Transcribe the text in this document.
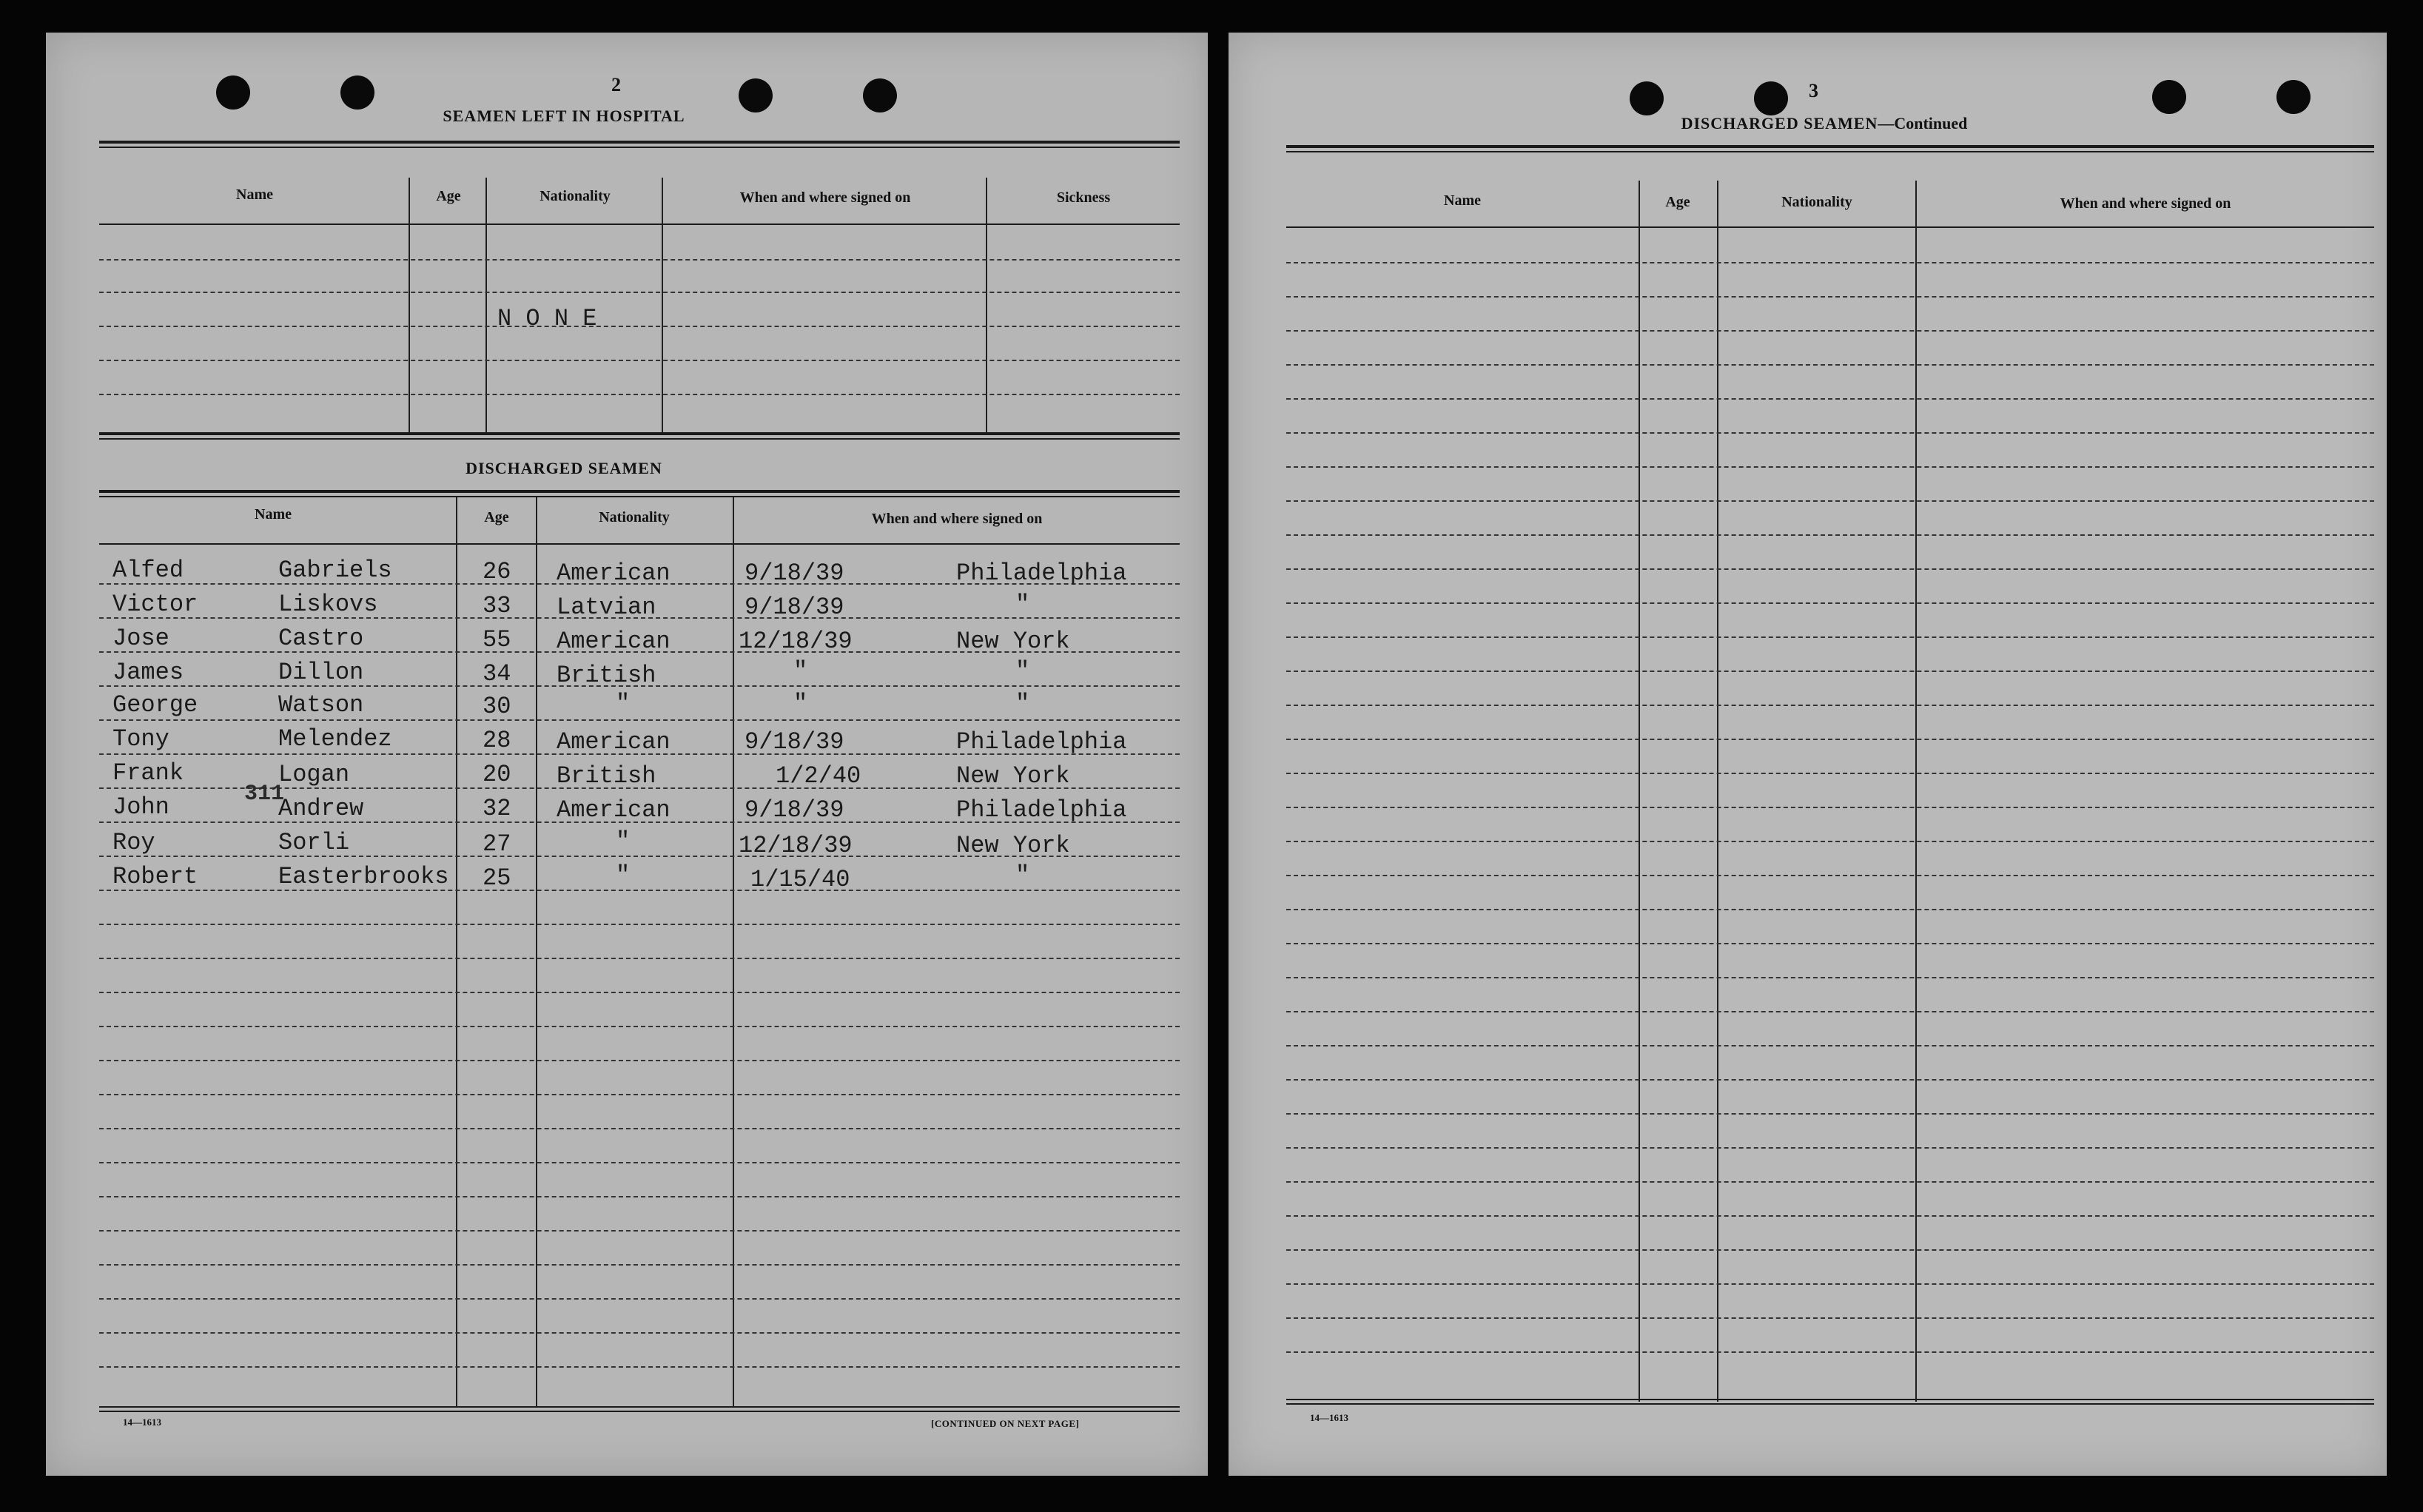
2
SEAMEN LEFT IN HOSPITAL
Name	Age	Nationality	When and where signed on	Sickness
N O N E
DISCHARGED SEAMEN
Name	Age	Nationality	When and where signed on
Alfed	Gabriels	26 American	9/18/39	Philadelphia
Victor	Liskovs	33 Latvian	9/18/39	"
Jose	Castro	55 American	12/18/39	New York
James	Dillon	34 British	"	"
George	Watson	30	"	"	"
Tony	Melendez	28 American	9/18/39	Philadelphia
Frank	Logan	20 British	1/2/40	New York
John	Andrew	32 American	9/18/39	Philadelphia
Roy	Sorli	27	"	12/18/39	New York
Robert	Easterbrooks 25	"	1/15/40	"
311
14—1613	[CONTINUED ON NEXT PAGE]
3
DISCHARGED SEAMEN—Continued
Name	Age	Nationality	When and where signed on
14—1613
